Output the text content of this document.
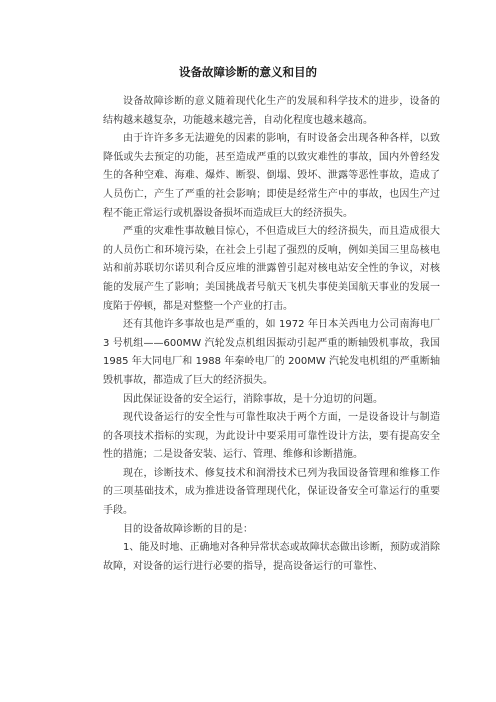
设备故障诊断的意义和目的

设备故障诊断的意义随着现代化生产的发展和科学技术的进步，设备的结构越来越复杂，功能越来越完善，自动化程度也越来越高。

由于许许多多无法避免的因素的影响，有时设备会出现各种各样，以致降低或失去预定的功能，甚至造成严重的以致灾难性的事故，国内外曾经发生的各种空难、海难、爆炸、断裂、倒塌、毁坏、泄露等恶性事故，造成了人员伤亡，产生了严重的社会影响；即使是经常生产中的事故，也因生产过程不能正常运行或机器设备损坏而造成巨大的经济损失。

严重的灾难性事故触目惊心，不但造成巨大的经济损失，而且造成很大的人员伤亡和环境污染，在社会上引起了强烈的反响，例如美国三里岛核电站和前苏联切尔诺贝利合反应堆的泄露曾引起对核电站安全性的争议，对核能的发展产生了影响；美国挑战者号航天飞机失事使美国航天事业的发展一度陷于停顿，都是对整整一个产业的打击。

还有其他许多事故也是严重的，如 1972 年日本关西电力公司南海电厂 3 号机组——600MW 汽轮发点机组因振动引起严重的断轴毁机事故，我国 1985 年大同电厂和 1988 年秦岭电厂的 200MW 汽轮发电机组的严重断轴毁机事故，都造成了巨大的经济损失。

因此保证设备的安全运行，消除事故，是十分迫切的问题。

现代设备运行的安全性与可靠性取决于两个方面，一是设备设计与制造的各项技术指标的实现，为此设计中要采用可靠性设计方法，要有提高安全性的措施；二是设备安装、运行、管理、维修和诊断措施。

现在，诊断技术、修复技术和润滑技术已列为我国设备管理和维修工作的三项基础技术，成为推进设备管理现代化，保证设备安全可靠运行的重要手段。

目的设备故障诊断的目的是：

1、能及时地、正确地对各种异常状态或故障状态做出诊断，预防或消除故障，对设备的运行进行必要的指导，提高设备运行的可靠性、
